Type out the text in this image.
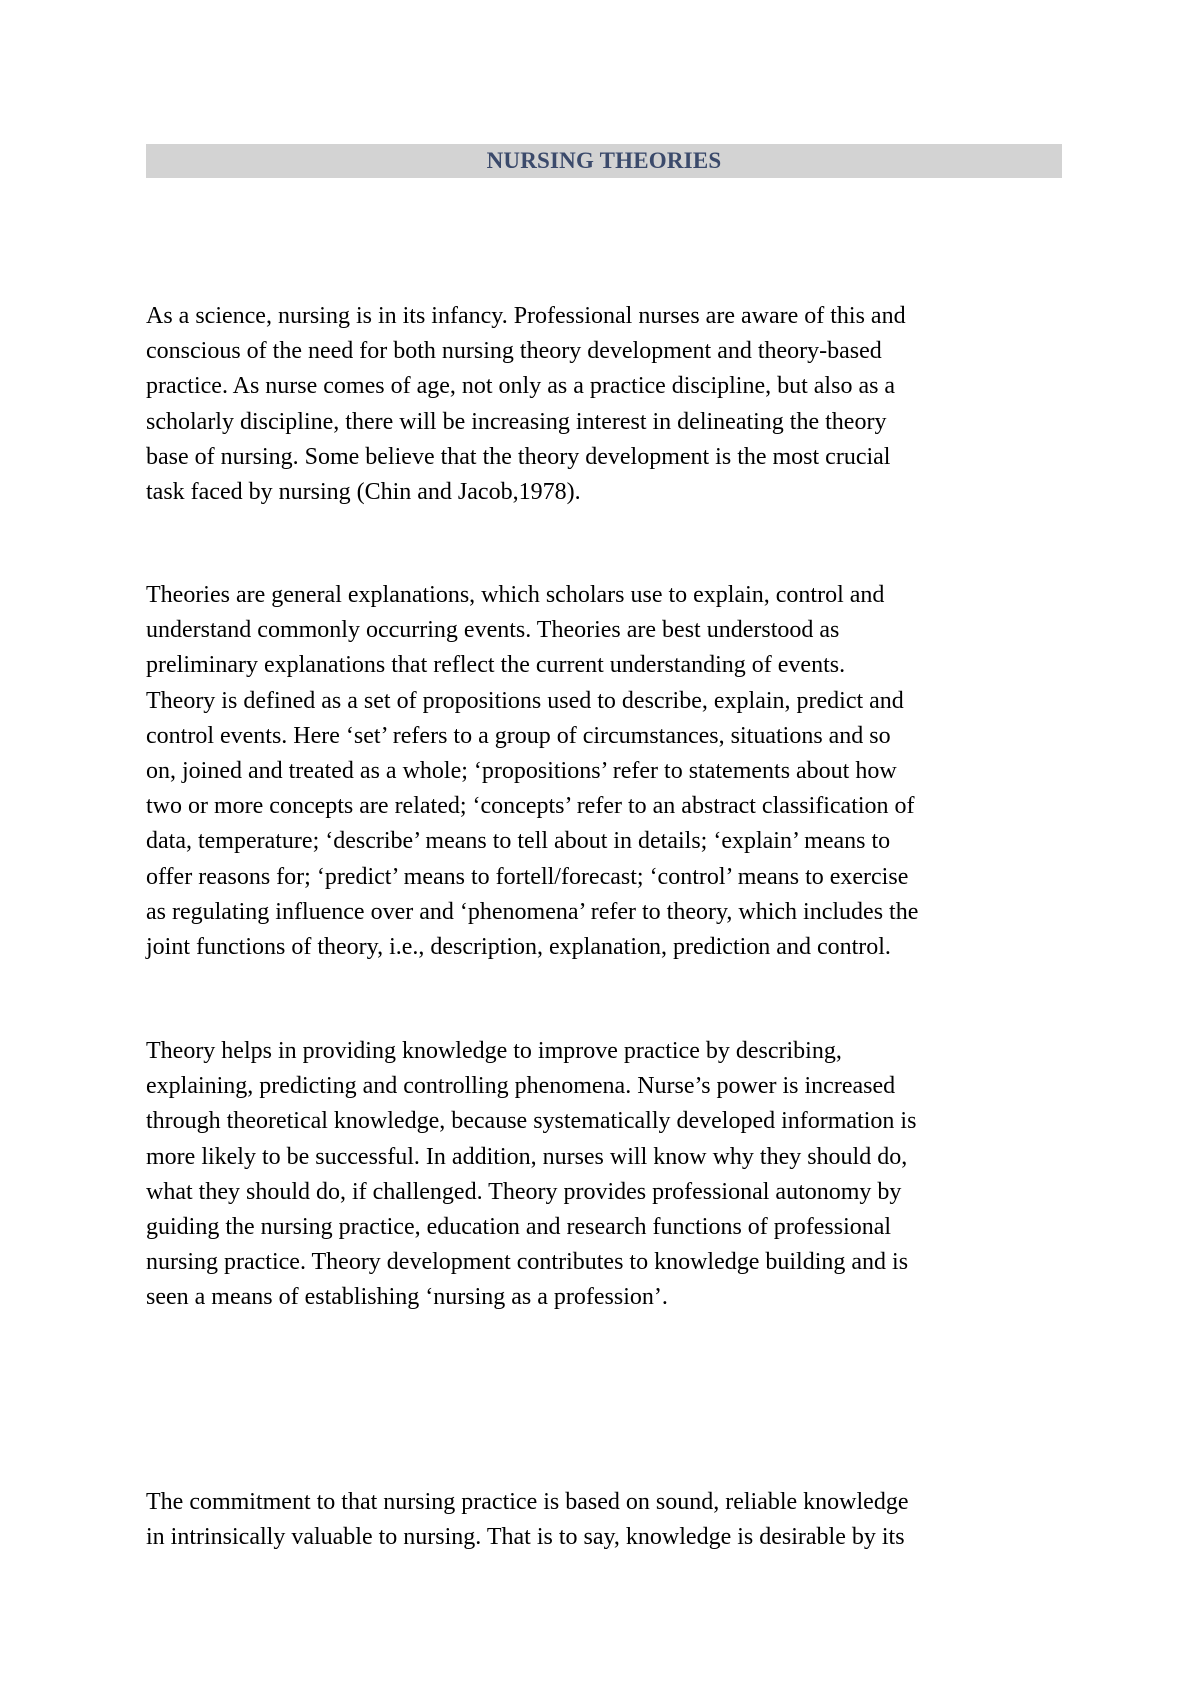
NURSING THEORIES
As a science, nursing is in its infancy. Professional nurses are aware of this and
conscious of the need for both nursing theory development and theory-based
practice. As nurse comes of age, not only as a practice discipline, but also as a
scholarly discipline, there will be increasing interest in delineating the theory
base of nursing. Some believe that the theory development is the most crucial
task faced by nursing (Chin and Jacob,1978).
Theories are general explanations, which scholars use to explain, control and
understand commonly occurring events. Theories are best understood as
preliminary explanations that reflect the current understanding of events.
Theory is defined as a set of propositions used to describe, explain, predict and
control events. Here ‘set’ refers to a group of circumstances, situations and so
on, joined and treated as a whole; ‘propositions’ refer to statements about how
two or more concepts are related; ‘concepts’ refer to an abstract classification of
data, temperature; ‘describe’ means to tell about in details; ‘explain’ means to
offer reasons for; ‘predict’ means to fortell/forecast; ‘control’ means to exercise
as regulating influence over and ‘phenomena’ refer to theory, which includes the
joint functions of theory, i.e., description, explanation, prediction and control.
Theory helps in providing knowledge to improve practice by describing,
explaining, predicting and controlling phenomena. Nurse’s power is increased
through theoretical knowledge, because systematically developed information is
more likely to be successful. In addition, nurses will know why they should do,
what they should do, if challenged. Theory provides professional autonomy by
guiding the nursing practice, education and research functions of professional
nursing practice. Theory development contributes to knowledge building and is
seen a means of establishing ‘nursing as a profession’.
The commitment to that nursing practice is based on sound, reliable knowledge
in intrinsically valuable to nursing. That is to say, knowledge is desirable by its
